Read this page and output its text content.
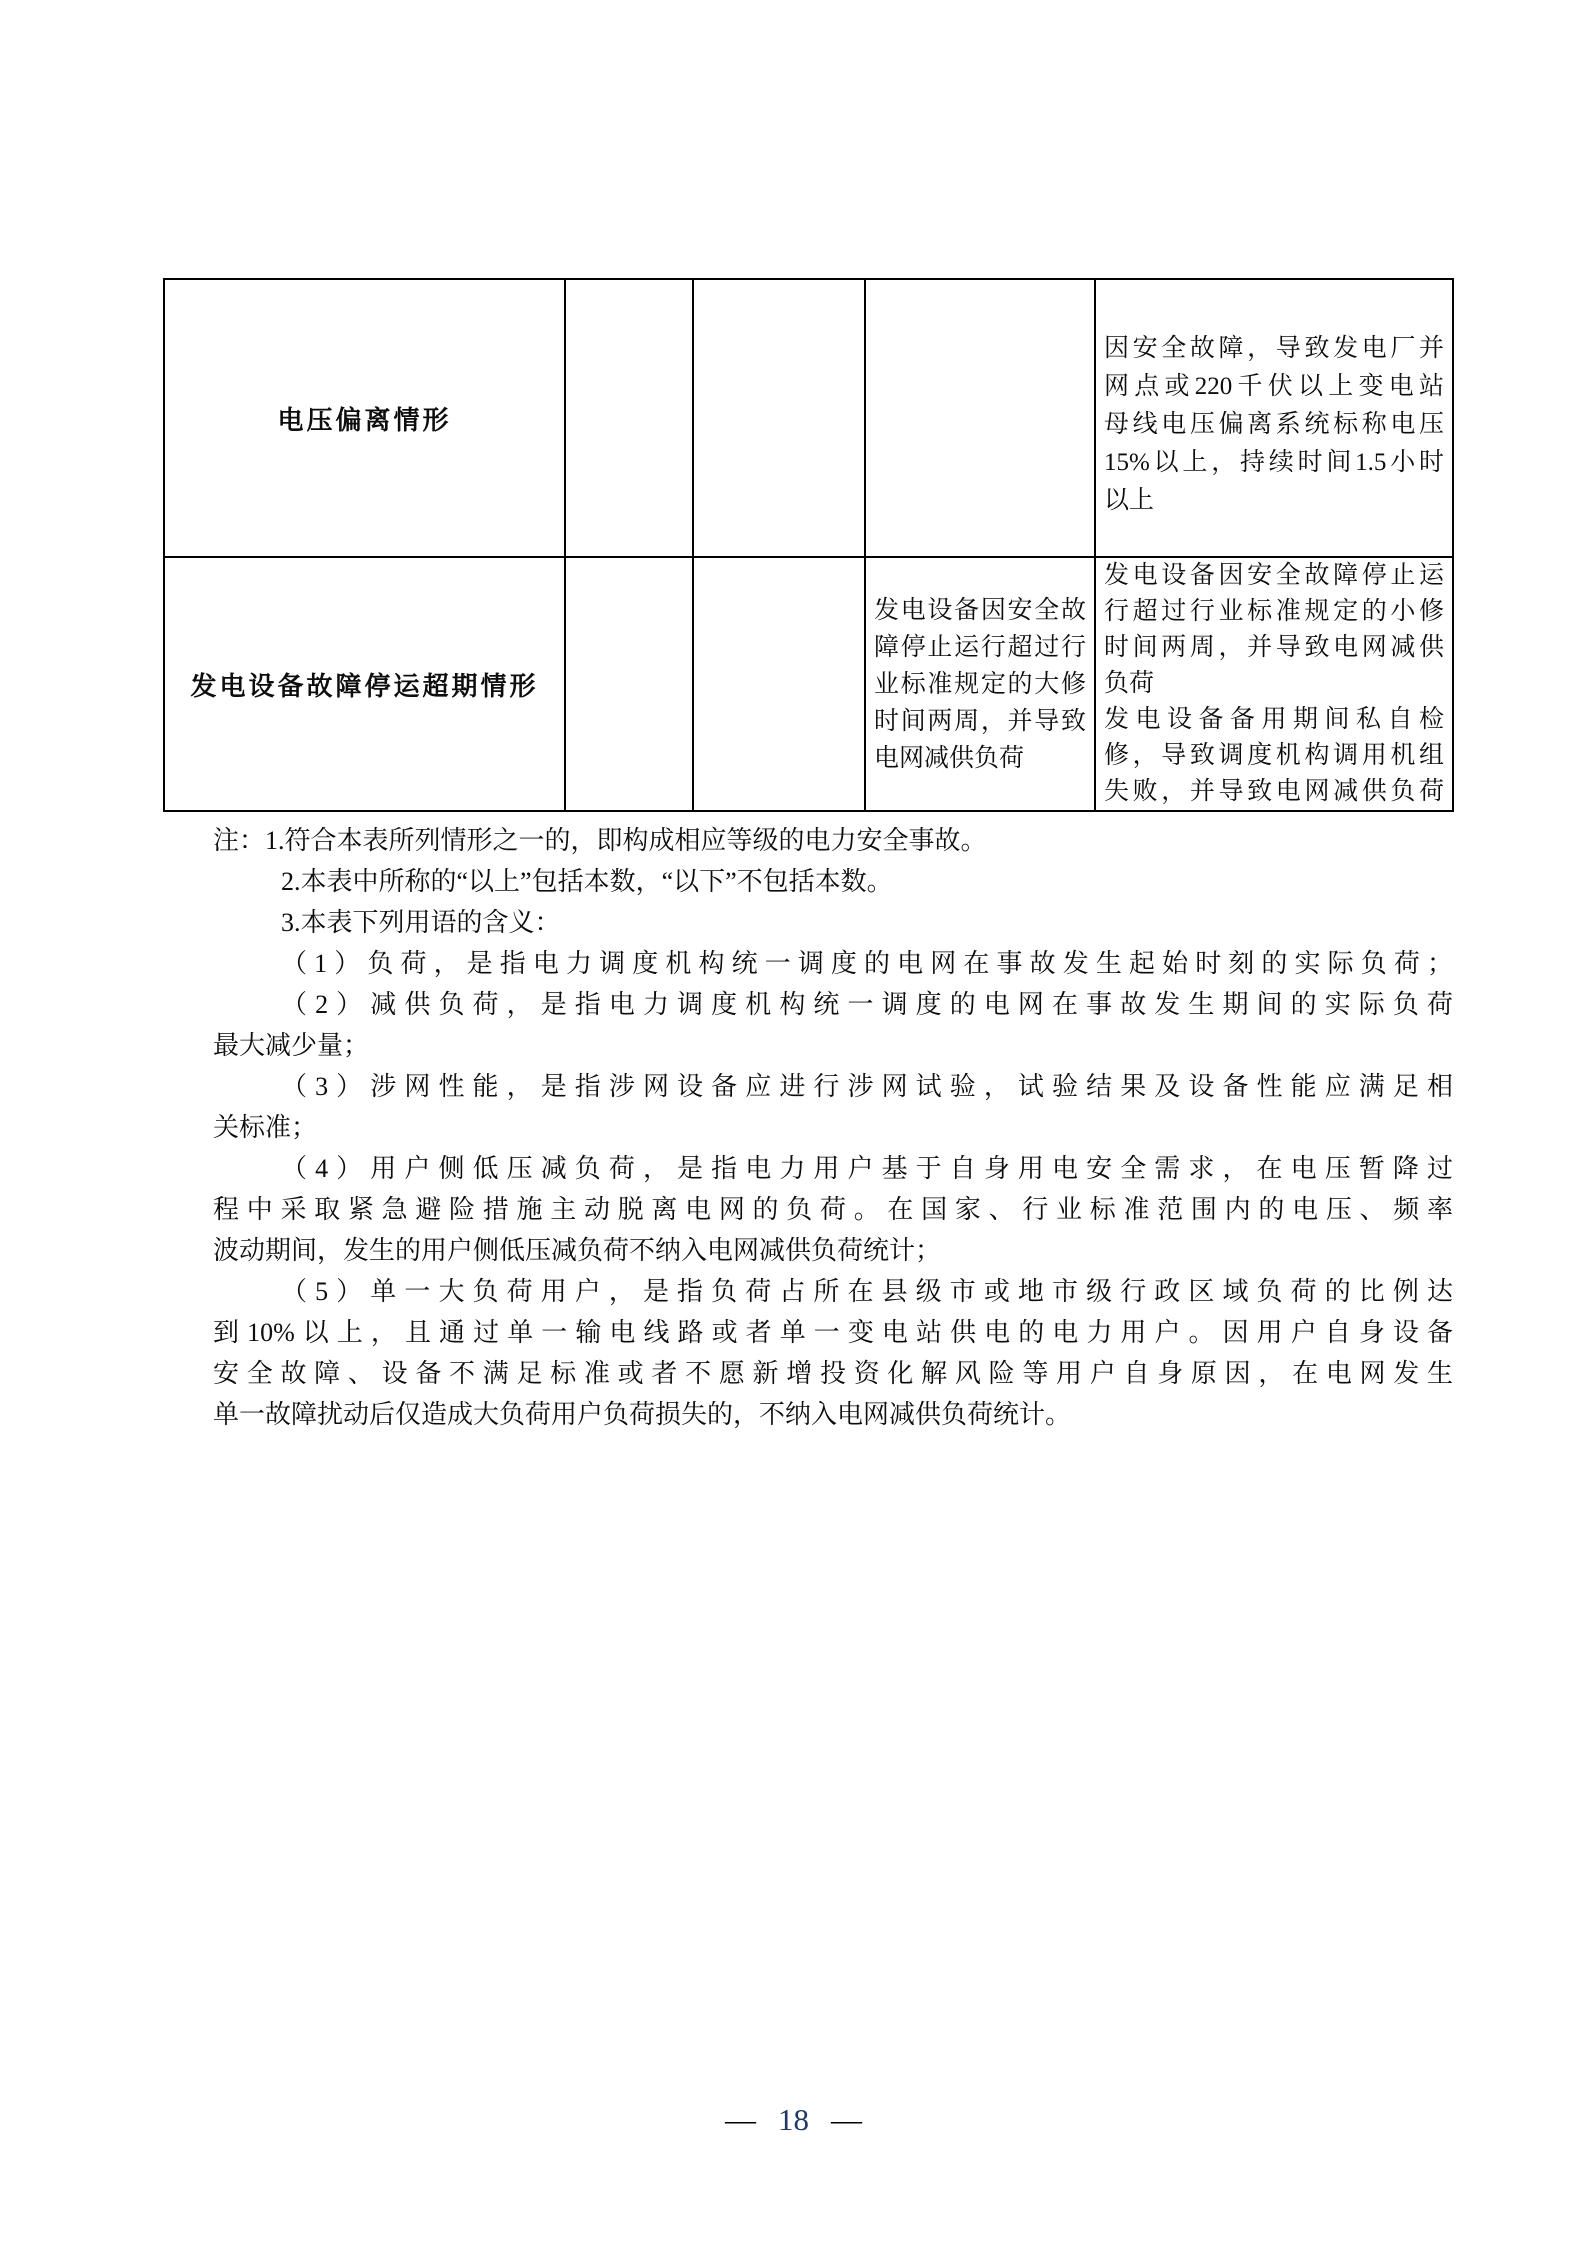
电压偏离情形
因安全故障，导致发电厂并
网点或220千伏以上变电站
母线电压偏离系统标称电压
15%以上，持续时间1.5小时
以上
发电设备故障停运超期情形
发电设备因安全故
障停止运行超过行
业标准规定的大修
时间两周，并导致
电网减供负荷
发电设备因安全故障停止运
行超过行业标准规定的小修
时间两周，并导致电网减供
负荷
发电设备备用期间私自检
修，导致调度机构调用机组
失败，并导致电网减供负荷
注：1.符合本表所列情形之一的，即构成相应等级的电力安全事故。
2.本表中所称的“以上”包括本数，“以下”不包括本数。
3.本表下列用语的含义：
（1）负荷，是指电力调度机构统一调度的电网在事故发生起始时刻的实际负荷；
（2）减供负荷，是指电力调度机构统一调度的电网在事故发生期间的实际负荷
最大减少量；
（3）涉网性能，是指涉网设备应进行涉网试验，试验结果及设备性能应满足相
关标准；
（4）用户侧低压减负荷，是指电力用户基于自身用电安全需求，在电压暂降过
程中采取紧急避险措施主动脱离电网的负荷。在国家、行业标准范围内的电压、频率
波动期间，发生的用户侧低压减负荷不纳入电网减供负荷统计；
（5）单一大负荷用户，是指负荷占所在县级市或地市级行政区域负荷的比例达
到10%以上，且通过单一输电线路或者单一变电站供电的电力用户。因用户自身设备
安全故障、设备不满足标准或者不愿新增投资化解风险等用户自身原因，在电网发生
单一故障扰动后仅造成大负荷用户负荷损失的，不纳入电网减供负荷统计。
— 18 —
